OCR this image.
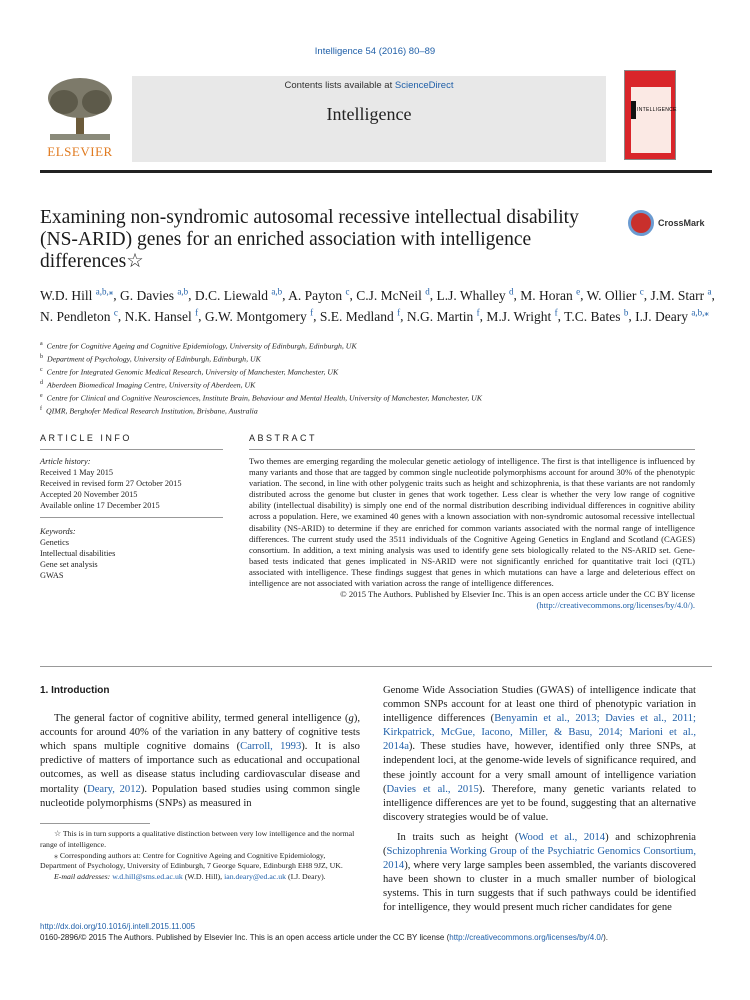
Intelligence 54 (2016) 80–89
ELSEVIER
Contents lists available at ScienceDirect
Intelligence	INTELLIGENCE
Examining non-syndromic autosomal recessive intellectual disability (NS-ARID) genes for an enriched association with intelligence differences☆
CrossMark
W.D. Hill $^{a,b,⁎}$, G. Davies $^{a,b}$, D.C. Liewald $^{a,b}$, A. Payton $^c$, C.J. McNeil $^d$, L.J. Whalley $^d$, M. Horan $^e$, W. Ollier $^c$, J.M. Starr $^a$, N. Pendleton $^c$, N.K. Hansel $^f$, G.W. Montgomery $^f$, S.E. Medland $^f$, N.G. Martin $^f$, M.J. Wright $^f$, T.C. Bates $^b$, I.J. Deary $^{a,b,⁎}$
$^a$ Centre for Cognitive Ageing and Cognitive Epidemiology, University of Edinburgh, Edinburgh, UK
$^b$ Department of Psychology, University of Edinburgh, Edinburgh, UK
$^c$ Centre for Integrated Genomic Medical Research, University of Manchester, Manchester, UK
$^d$ Aberdeen Biomedical Imaging Centre, University of Aberdeen, UK
$^e$ Centre for Clinical and Cognitive Neurosciences, Institute Brain, Behaviour and Mental Health, University of Manchester, Manchester, UK
$^f$ QIMR, Berghofer Medical Research Institution, Brisbane, Australia
ARTICLE INFO
Article history:
Received 1 May 2015
Received in revised form 27 October 2015
Accepted 20 November 2015
Available online 17 December 2015
Keywords:
Genetics
Intellectual disabilities
Gene set analysis
GWAS
ABSTRACT
Two themes are emerging regarding the molecular genetic aetiology of intelligence. The first is that intelligence is influenced by many variants and those that are tagged by common single nucleotide polymorphisms account for around 30% of the phenotypic variation. The second, in line with other polygenic traits such as height and schizophrenia, is that these variants are not randomly distributed across the genome but cluster in genes that work together. Less clear is whether the very low range of cognitive ability (intellectual disability) is simply one end of the normal distribution describing individual differences in cognitive ability across a population. Here, we examined 40 genes with a known association with non-syndromic autosomal recessive intellectual disability (NS-ARID) to determine if they are enriched for common variants associated with the normal range of intelligence differences. The current study used the 3511 individuals of the Cognitive Ageing Genetics in England and Scotland (CAGES) consortium. In addition, a text mining analysis was used to identify gene sets biologically related to the NS-ARID set. Gene-based tests indicated that genes implicated in NS-ARID were not significantly enriched for quantitative trait loci (QTL) associated with intelligence. These findings suggest that genes in which mutations can have a large and deleterious effect on intelligence are not associated with variation across the range of intelligence differences.
© 2015 The Authors. Published by Elsevier Inc. This is an open access article under the CC BY license
(http://creativecommons.org/licenses/by/4.0/).
1. Introduction
The general factor of cognitive ability, termed general intelligence (g), accounts for around 40% of the variation in any battery of cognitive tests which spans multiple cognitive domains (Carroll, 1993). It is also predictive of matters of importance such as educational and occupational outcomes, as well as disease status including cardiovascular disease and mortality (Deary, 2012). Population based studies using common single nucleotide polymorphisms (SNPs) as measured in
☆ This is in turn supports a qualitative distinction between very low intelligence and the normal range of intelligence.
⁎ Corresponding authors at: Centre for Cognitive Ageing and Cognitive Epidemiology, Department of Psychology, University of Edinburgh, 7 George Square, Edinburgh EH8 9JZ, UK.
E-mail addresses: w.d.hill@sms.ed.ac.uk (W.D. Hill), ian.deary@ed.ac.uk (I.J. Deary).
Genome Wide Association Studies (GWAS) of intelligence indicate that common SNPs account for at least one third of phenotypic variation in intelligence differences (Benyamin et al., 2013; Davies et al., 2011; Kirkpatrick, McGue, Iacono, Miller, & Basu, 2014; Marioni et al., 2014a). These studies have, however, identified only three SNPs, at independent loci, at the genome-wide levels of significance required, and these jointly account for a very small amount of intelligence variation (Davies et al., 2015). Therefore, many genetic variants related to intelligence differences are yet to be found, suggesting that an alternative discovery strategies would be of value.
In traits such as height (Wood et al., 2014) and schizophrenia (Schizophrenia Working Group of the Psychiatric Genomics Consortium, 2014), where very large samples been assembled, the variants discovered have been shown to cluster in a much smaller number of biological systems. This in turn suggests that if such pathways could be identified for intelligence, they would present much richer candidates for gene
http://dx.doi.org/10.1016/j.intell.2015.11.005
0160-2896/© 2015 The Authors. Published by Elsevier Inc. This is an open access article under the CC BY license (http://creativecommons.org/licenses/by/4.0/).
